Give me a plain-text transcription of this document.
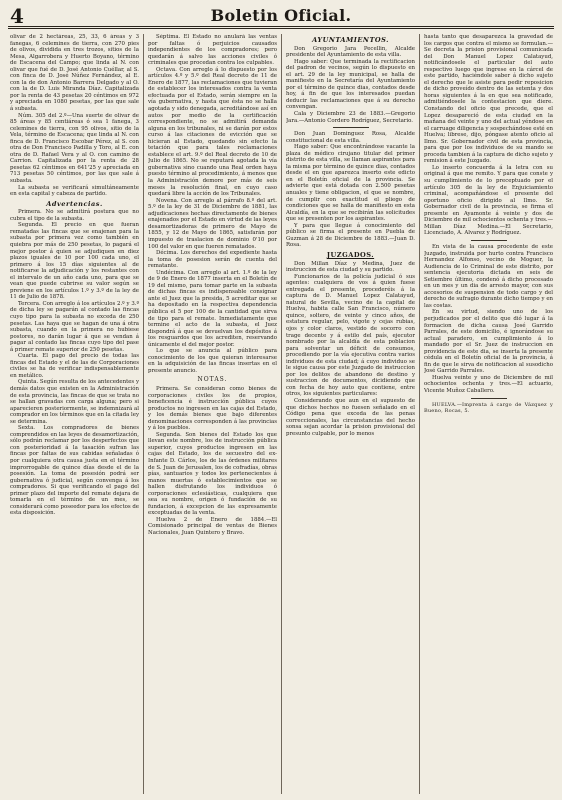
4	Boletin Oficial.

olivar de 2 hectáreas, 25, 33, 6 áreas y 3 fanegas, 6 celemines de tierra, con 270 pies de olivos, dividida en tres trozos, sitios de la Mesa, Algarrobera y Huerto Boyano, término de Escacena del Campo; que linda al N. con olivar que fué de D. José Antonio Cuéllar, al S. con finca de D. José Núñez Fernández, al E. con la de don Antonio Barrera Delgado y al O. con la de D. Luis Miranda Díaz. Capitalizada por la renta de 43 pesetas 20 céntimos en 972 y apreciada en 1080 pesetas, por las que sale á subasta.

Núm. 305 del 2.º—Una suerte de olivar de 85 áreas y 85 centiáreas ó sea 1 fanega, 3 celemines de tierra, con 95 olivos, sitio de la Vela, término de Escacena; que linda al N. con finca de D. Francisco Escobar Pérez, al S. con otra de Don Francisco Padilla y Toro, al E. con otra de D. Rafael Vera y al O. con camino de Carrion. Capitalizada por la renta de 28 pesetas 62 céntimos en 641'25 y apreciada en 713 pesetas 50 céntimos, por las que sale á subasta.

La subasta se verificará simultáneamente en esta capital y cabeza de partido.

Advertencias.

Primera. No se admitirá postura que no cubra el tipo de la subasta.

Segunda. El precio en que fueran rematadas las fincas que se enajenan para la subasta por primera vez como también en quiebra por más de 250 pesetas, lo pagará el mejor postor á quien se adjudiquen en diez plazos iguales de 10 por 100 cada uno, el primero á los 15 días siguientes al de notificarse la adjudicación y los restantes con el intervalo de un año cada uno, para que se vean que puede cubrirse su valor según se previene en los artículos 1.º y 3.º de la ley de 11 de Julio de 1878.

Tercera. Con arreglo á los artículos 2.º y 3.º de dicha ley se pagarán al contado las fincas cuyo tipo para la subasta no exceda de 250 pesetas. Las haya que se hagan de una á otra subasta, cuando en la primera no hubiese postores, no darán lugar á que se vendan á pagar al contado las fincas cuyo tipo del pase á primer remate superior de 250 pesetas.

Cuarta. El pago del precio de todas las fincas del Estado y el de las de Corporaciones civiles se ha de verificar indispensablemente en metálico.

Quinta. Según resulta de los antecedentes y demás datos que existen en la Administración de esta provincia, las fincas de que se trata no se hallan gravadas con carga alguna; pero si aparecieren posteriormente, se indemnizará al comprador en los términos que en la citada ley se determina.

Sexta. Los compradores de bienes comprendidos en las leyes de desamortización, sólo podrán reclamar por los desperfectos que con posterioridad á la tasación sufran las fincas por faltas de sus cabidas señaladas ó por cualquiera otra causa justa en el término improrrogable de quince días desde el de la posesión. La toma de posesión podrá ser gubernativa ó judicial, según convenga á los compradores. Si que verificando el pago del primer plazo del importe del remate dejara de tomarla en el término de un mes, se considerará como poseedor para los efectos de esta disposición.

Séptima. El Estado no anulará las ventas por faltas ó perjuicios causados independientes de los compradores; pero quedarán á salvo las acciones civiles ó criminales que procedan contra los culpables.

Octava. Con arreglo á lo dispuesto por los artículos 4.º y 5.º del Real decreto de 11 de Enero de 1877, las reclamaciones que tuvieran de establecer los interesados contra la venta efectuada por el Estado, serán siempre en la vía gubernativa, y hasta que ésta no se halla agotada y sido denegada, acreditándose así en autos por medio de la certificación correspondiente, no se admitirá demanda alguna en los tribunales, ni se darán por estos curso á las citaciones de evicción que se hicieran al Estado, quedando sin efecto la tetación que para tales reclamaciones establece el art. 9.º del Real decreto de 10 de Julio de 1865. No se reputará agotada la vía gubernativa sino cuando una Real orden haya puesto término al procedimiento, á menos que la Administración demore por más de seis meses la resolución final, en cuyo caso quedará libre la acción de los Tribunales.

Novena. Con arreglo al párrafo 8.º del art. 5.º de la ley de 31 de Diciembre de 1881, las adjudicaciones hechas directamente de bienes enajenados por el Estado en virtud de las leyes desamortizadoras de primero de Mayo de 1855, y 12 de Mayo de 1865, satisfarán por impuesto de traslacion de dominio 0'10 por 100 del valor en que fueren rematados.

Décima. Los derechos del expediente hasta la toma de posesion serán de cuenta del rematante.

Undécima. Con arreglo al art. 1.º de la ley de 9 de Enero de 1877 inserta en el Boletín de 19 del mismo, para tomar parte en la subasta de dichas fincas es indispensable consignar ante el Juez que la presida, 5 acreditar que se ha depositado en la respectiva dependencia pública el 5 por 100 de la cantidad que sirva de tipo para el remate. Inmediatamente que termine el acto de la subasta, el Juez dispondrá á que se devuelvan los depósitos á los resguardos que los acrediten, reservando únicamente el del mejor postor.

Lo que se anuncia al público para conocimiento de los que quieran interesarse en la adquisición de las fincas insertas en el presente anuncio.

NOTAS.

Primera. Se consideran como bienes de corporaciones civiles los de propios, beneficencia é instrucción pública cuyos productos no ingresen en las cajas del Estado, y los demás bienes que bajo diferentes denominaciones corresponden á las provincias y á los pueblos.

Segunda. Son bienes del Estado los que llevan este nombre, los de instrucción pública superior, cuyos productos ingresen en las cajas del Estado, los de secuestro del ex-Infante D. Cárlos, los de las órdenes militares de S. Juan de Jerusalen, los de cofradías, obras pías, santuarios y todos los pertenecientes á manos muertas ó establecimientos que se hallen disfrutando los individuos ó corporaciones eclesiásticas, cualquiera que sea su nombre, origen ó fundación de su fundacion, á excepcion de las expresamente exceptuadas de la venta.

Huelva 2 de Enero de 1884.—El Comisionado principal de ventas de Bienes Nacionales, Juan Quintero y Bravo.

AYUNTAMIENTOS.

Don Gregorio Jara Pecellin, Alcalde presidente del Ayuntamiento de esta villa.

Hago saber: Que terminada la rectificacion del padron de vecinos, según lo dispuesto en el art. 29 de la ley municipal, se halla de manifiesto en la Secretaría del Ayuntamiento por el término de quince dias, contados desde hoy, á fin de que los interesados puedan deducir las reclamaciones que á su derecho convengan.

Cala y Diciembre 23 de 1883.—Gregorio Jara.—Antonio Cordero Rodríguez, Secretario.

Don Juan Dominguez Rosa, Alcalde constitucional de esta villa.

Hago saber: Que encontrándose vacante la plaza de médico cirujano titular del primer distrito de esta villa, se llaman aspirantes para la misma por término de quince dias, contados desde el en que aparezca inserto este edicto en el Boletín oficial de la provincia. Se advierte que está dotada con 2.500 pesetas anuales y tiene obligacion, el que se nombre, de cumplir con exactitud el pliego de condiciones que se halla de manifiesto en esta Alcaldía, en la que se recibirán las solicitudes que se presenten por los aspirantes.

Y para que llegue á conocimiento del público se firma el presente en Puebla de Guzman á 28 de Diciembre de 1883.—Juan D. Rosa.

JUZGADOS.

Don Millan Díaz y Medina, Juez de instruccion de esta ciudad y su partido.

Funcionarios de la policía judicial ó sus agentes: cualquiera de vos á quien fuese entregada el presente, procederéis á la captura de D. Manuel Lopez Calatayud, natural de Sevilla, vecino de la capital de Huelva, habita calle San Francisco, número quince, soltero, de veinte y cinco años, de estatura regular, pelo, vigote y cejas rubias, ojos y color claros, vestido de socorro con trage decente y á estilo del país, ejecutor nombrado por la alcaldía de esta poblacion para solventar un déficit de consumos, procediendo por la vía ejecutiva contra varios individuos de esta ciudad; á cuyo individuo se le sigue causa por este Juzgado de instruccion por los delitos de abandono de destino y sustraccion de documentos, dicidiendo que con fecha de hoy auto que contiene, entre otros, los siguientes particulares:

Considerando que aun en el supuesto de que dichos hechos no fuesen señalado en el Código pena que exceda de las penas correccionales, las circunstancias del hecho sonsa sejan acordar la prision provisional del presunto culpable, por lo menos

hasta tanto que desaparezca la gravedad de los cargos que contra el mismo se formulan.—Se decreta la prision provisional comunicada del Don Manuel Lopez Calatayud, notificándosele el particular del auto respectivo luego que ingrese en la cárcel de este partido, haciéndole saber á dicho sujeto el derecho que le asiste para pedir reposicion de dicho proveído dentro de las setenta y dos horas siguientes á la en que sea notificado, admitiéndosele la contestacion que diere. Constando del oficio que precede, que el Lopez desapareció de esta ciudad en la mañana del veinte y uno del actual yéndose en el carruage diligencia y sospechándose esté en Huelva; librese, dijo, póngase atento oficio al Ilmo. Sr. Gobernador civil de esta provincia, para que por los individuos de su mando se proceda tambien á la captura de dicho sujeto y remision á este Juzgado.

Lo inserto concuerda á la letra con su original á que me remito. Y para que conste y su cumplimiento de lo preceptuado por el artículo 305 de la ley de Enjuiciamiento criminal, acompañándose el presente del oportuno oficio dirigido al Ilmo. Sr. Gobernador civil de la provincia, se firma el presente en Ayamonte á veinte y dos de Diciembre de mil ochocientos ochenta y tres.—Millan Díaz Medina.—El Secretario, Licenciado, A. Alvarez y Rodríguez.

En vista de la causa procedente de este Juzgado, instruida por hurto contra Francisco Hernandez Alfonso, vecino de Moguer, la Audiencia de lo Criminal de este distrito, por sentencia ejecutoria dictada en seis de Setiembre último, condenó á dicho procesado en un mes y un dia de arresto mayor, con sus accesorios de suspension de todo cargo y del derecho de sufragio durante dicho tiempo y en las costas.

En su virtud, siendo uno de los perjudicados por el delito que dió lugar á la formacion de dicha causa José Garrido Parrales, de este domicilio, é ignorándose su actual paradero, en cumplimiento á lo mandado por el Sr. Juez de instruccion en providencia de este dia, se inserta la presente cédula en el Boletín oficial de la provincia, á fin de que le sirva de notificacion al susodicho José Garrido Parrales.

Huelva veinte y uno de Diciembre de mil ochocientos ochenta y tres.—El actuario, Vicente Muñoz Caballero.

HUELVA.—Imprenta á cargo de Vázquez y Bueno, Rocas, 5.
